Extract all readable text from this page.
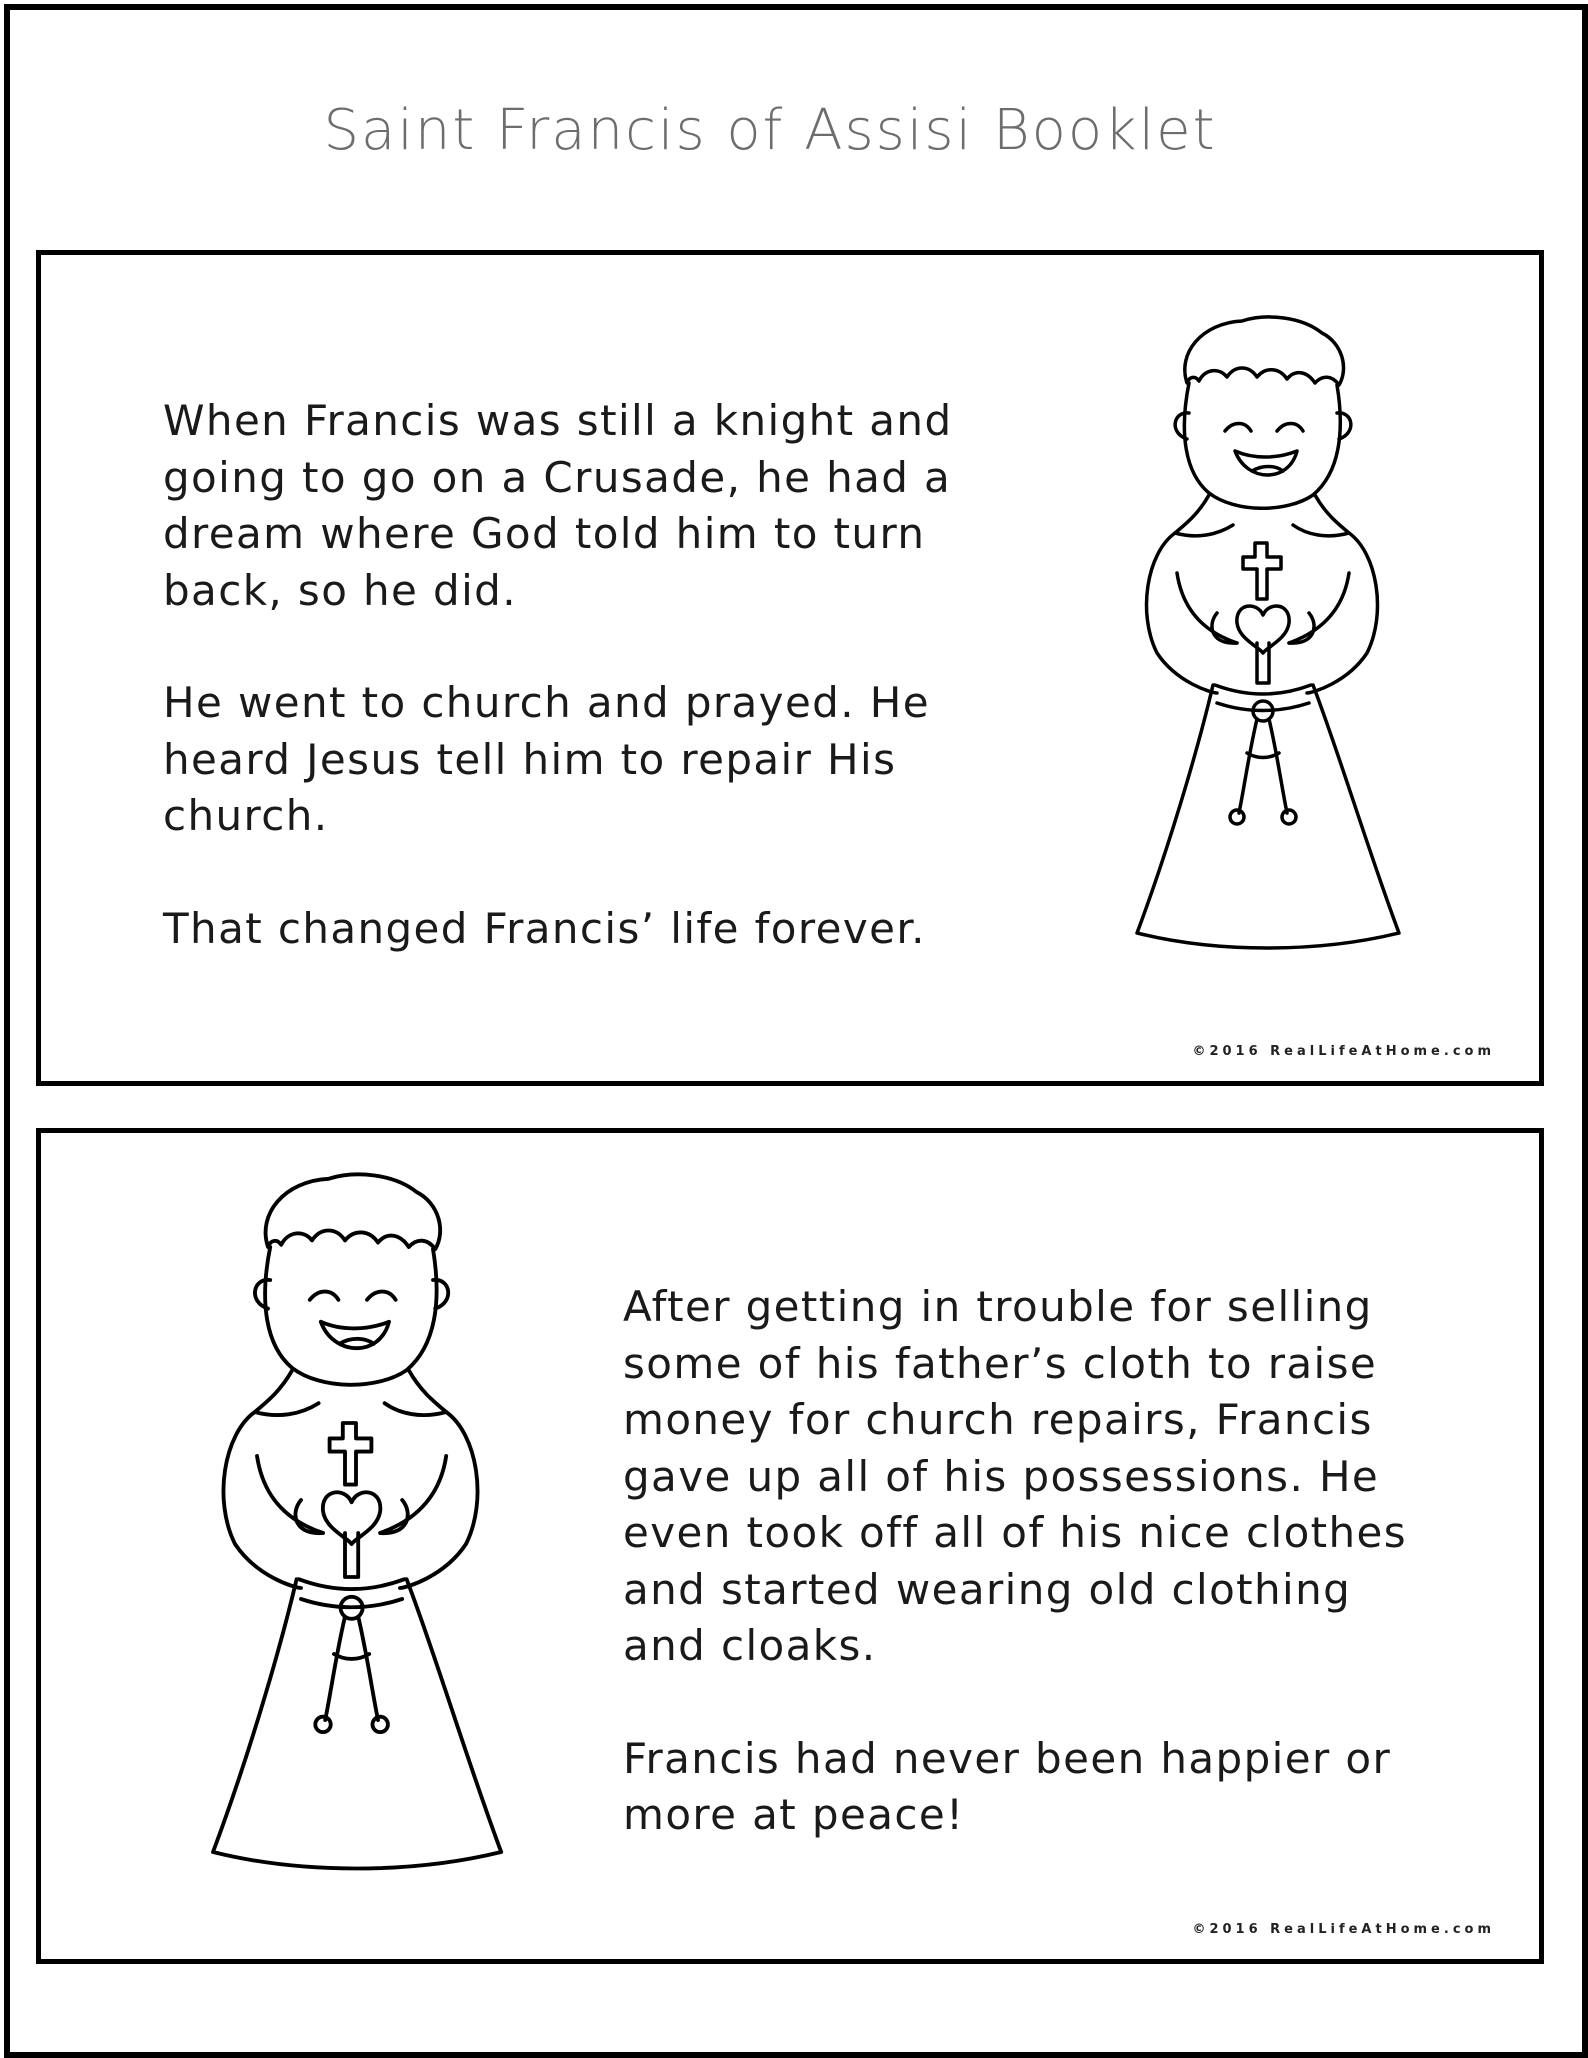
Saint Francis of Assisi Booklet

When Francis was still a knight and
going to go on a Crusade, he had a
dream where God told him to turn
back, so he did.

He went to church and prayed. He
heard Jesus tell him to repair His
church.

That changed Francis’ life forever.

©2016 RealLifeAtHome.com

After getting in trouble for selling
some of his father’s cloth to raise
money for church repairs, Francis
gave up all of his possessions. He
even took off all of his nice clothes
and started wearing old clothing
and cloaks.

Francis had never been happier or
more at peace!

©2016 RealLifeAtHome.com
